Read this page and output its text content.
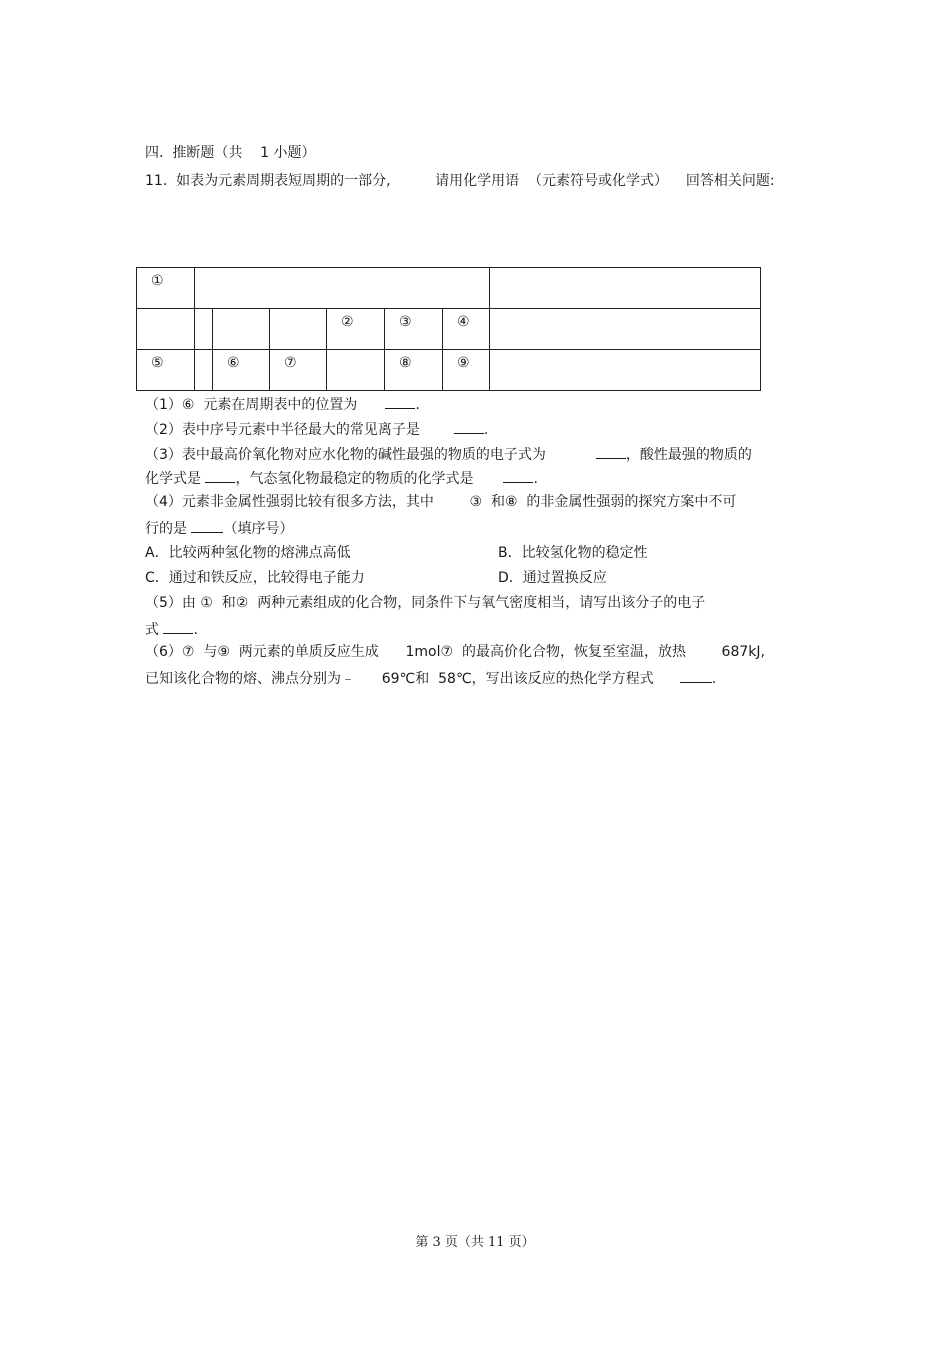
四.  推断题（共    1 小题）
11.  如表为元素周期表短周期的一部分,          请用化学用语  （元素符号或化学式）    回答相关问题:
①							

				②	③	④	

⑤		⑥	⑦		⑧	⑨	

（1）⑥  元素在周期表中的位置为	.
（2）表中序号元素中半径最大的常见离子是	.
（3）表中最高价氧化物对应水化物的碱性最强的物质的电子式为	，酸性最强的物质的
化学式是 ，气态氢化物最稳定的物质的化学式是	.
（4）元素非金属性强弱比较有很多方法，其中        ③  和⑧  的非金属性强弱的探究方案中不可
行的是	（填序号）
A．比较两种氢化物的熔沸点高低	B．比较氢化物的稳定性
C．通过和铁反应，比较得电子能力	D．通过置换反应
（5）由 ①  和②  两种元素组成的化合物，同条件下与氧气密度相当，请写出该分子的电子
式 .
（6）⑦  与⑨  两元素的单质反应生成      1mol⑦  的最高价化合物，恢复至室温，放热        687kJ,
已知该化合物的熔、沸点分别为﹣      69℃和  58℃，写出该反应的热化学方程式	.
第 3 页（共 11 页）
